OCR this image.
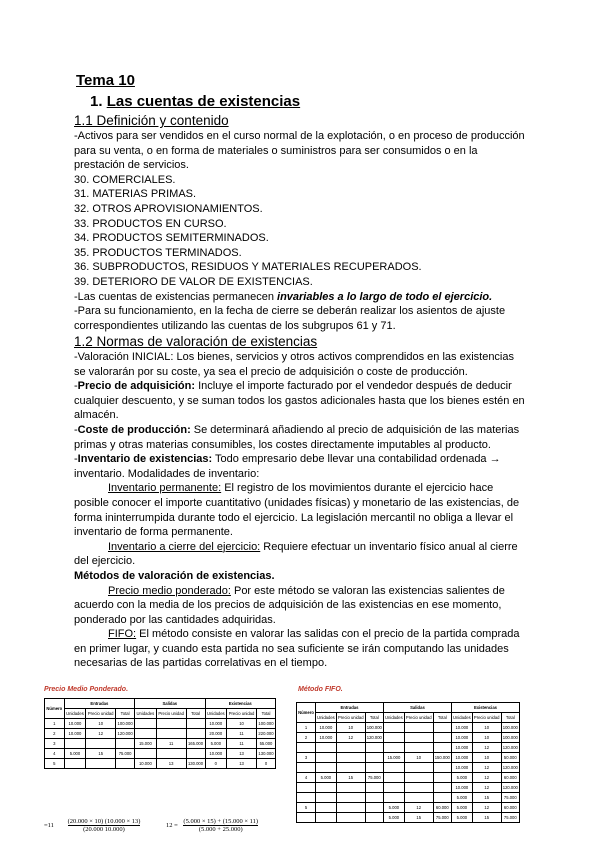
Tema 10
1. Las cuentas de existencias
1.1 Definición y contenido
-Activos para ser vendidos en el curso normal de la explotación, o en proceso de producción
para su venta, o en forma de materiales o suministros para ser consumidos o en la
prestación de servicios.
30. COMERCIALES.
31. MATERIAS PRIMAS.
32. OTROS APROVISIONAMIENTOS.
33. PRODUCTOS EN CURSO.
34. PRODUCTOS SEMITERMINADOS.
35. PRODUCTOS TERMINADOS.
36. SUBPRODUCTOS, RESIDUOS Y MATERIALES RECUPERADOS.
39. DETERIORO DE VALOR DE EXISTENCIAS.
-Las cuentas de existencias permanecen invariables a lo largo de todo el ejercicio.
-Para su funcionamiento, en la fecha de cierre se deberán realizar los asientos de ajuste
correspondientes utilizando las cuentas de los subgrupos 61 y 71.
1.2 Normas de valoración de existencias
-Valoración INICIAL: Los bienes, servicios y otros activos comprendidos en las existencias
se valorarán por su coste, ya sea el precio de adquisición o coste de producción.
-Precio de adquisición: Incluye el importe facturado por el vendedor después de deducir
cualquier descuento, y se suman todos los gastos adicionales hasta que los bienes estén en
almacén.
-Coste de producción: Se determinará añadiendo al precio de adquisición de las materias
primas y otras materias consumibles, los costes directamente imputables al producto.
-Inventario de existencias: Todo empresario debe llevar una contabilidad ordenada →
inventario. Modalidades de inventario:
Inventario permanente: El registro de los movimientos durante el ejercicio hace
posible conocer el importe cuantitativo (unidades físicas) y monetario de las existencias, de
forma ininterrumpida durante todo el ejercicio. La legislación mercantil no obliga a llevar el
inventario de forma permanente.
Inventario a cierre del ejercicio: Requiere efectuar un inventario físico anual al cierre
del ejercicio.
Métodos de valoración de existencias.
Precio medio ponderado: Por este método se valoran las existencias salientes de
acuerdo con la media de los precios de adquisición de las existencias en ese momento,
ponderado por las cantidades adquiridas.
FIFO: El método consiste en valorar las salidas con el precio de la partida comprada
en primer lugar, y cuando esta partida no sea suficiente se irán computando las unidades
necesarias de las partidas correlativas en el tiempo.
Precio Medio Ponderado.
Número	Entradas			Salidas			Existencias		
	Unidades	Precio unidad	Total	Unidades	Precio unidad	Total	Unidades	Precio unidad	Total
1	10.000	10	100.000				10.000	10	100.000
2	10.000	12	120.000				20.000	11	220.000
3				15.000	11	165.000	5.000	11	55.000
4	5.000	15	75.000				10.000	13	130.000
5				10.000	13	130.000	0	13	0
Método FIFO.
Número	Entradas			Salidas			Existencias		
	Unidades	Precio unidad	Total	Unidades	Precio unidad	Total	Unidades	Precio unidad	Total
1	10.000	10	100.000				10.000	10	100.000
2	10.000	12	120.000				10.000	10	100.000
							10.000	12	120.000
3				15.000	10	150.000	10.000	10	50.000
							10.000	12	120.000
4	5.000	15	75.000				5.000	12	60.000
							10.000	12	120.000
							5.000	15	75.000
5				5.000	12	60.000	5.000	12	60.000
				5.000	15	75.000	5.000	15	75.000
$=11 \frac{(20.000 \times 10) (10.000 \times 13)}{(20.000 10.000)}$	$12 = \frac{(5.000 \times 15) + (15.000 \times 11)}{(5.000 + 25.000)}$
